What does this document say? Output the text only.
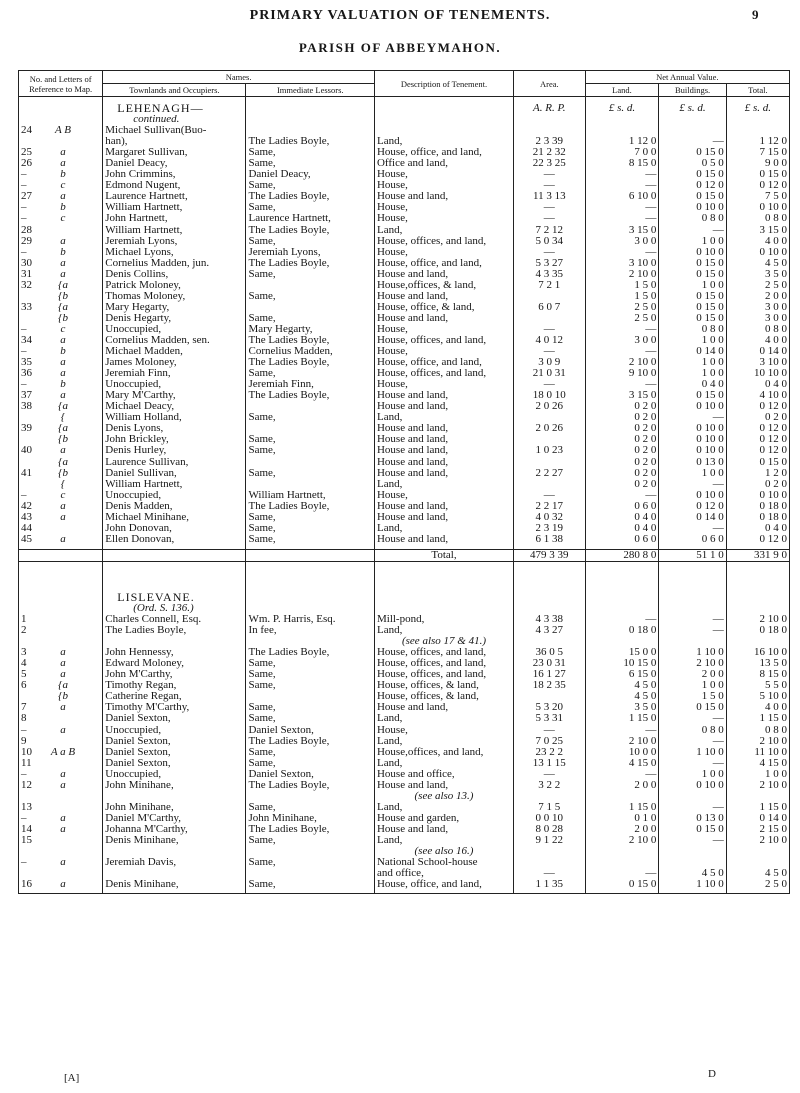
PRIMARY VALUATION OF TENEMENTS.	9
PARISH OF ABBEYMAHON.
No. and Letters of Reference to Map.	Names.		Description of Tenement.	Area.	Net Annual Value.		
	Townlands and Occupiers.	Immediate Lessors.			Land.	Buildings.	Total.

	LEHENAGH—			A. R. P.	£ s. d.	£ s. d.	£ s. d.
	continued.						
24 A B	Michael Sullivan(Buo-						
	han),	The Ladies Boyle,	Land,	2 3 39	1 12 0	—	1 12 0
25 a	Margaret Sullivan,	Same,	House, office, and land,	21 2 32	7 0 0	0 15 0	7 15 0
26 a	Daniel Deacy,	Same,	Office and land,	22 3 25	8 15 0	0 5 0	9 0 0
– b	John Crimmins,	Daniel Deacy,	House,	—	—	0 15 0	0 15 0
– c	Edmond Nugent,	Same,	House,	—	—	0 12 0	0 12 0
27 a	Laurence Hartnett,	The Ladies Boyle,	House and land,	11 3 13	6 10 0	0 15 0	7 5 0
– b	William Hartnett,	Same,	House,	—	—	0 10 0	0 10 0
– c	John Hartnett,	Laurence Hartnett,	House,	—	—	0 8 0	0 8 0
28	William Hartnett,	The Ladies Boyle,	Land,	7 2 12	3 15 0	—	3 15 0
29 a	Jeremiah Lyons,	Same,	House, offices, and land,	5 0 34	3 0 0	1 0 0	4 0 0
– b	Michael Lyons,	Jeremiah Lyons,	House,	—	—	0 10 0	0 10 0
30 a	Cornelius Madden, jun.	The Ladies Boyle,	House, office, and land,	5 3 27	3 10 0	0 15 0	4 5 0
31 a	Denis Collins,	Same,	House and land,	4 3 35	2 10 0	0 15 0	3 5 0
32 {a	Patrick Moloney,		House,offices, & land,	7 2 1	1 5 0	1 0 0	2 5 0
{b	Thomas Moloney,	Same,	House and land,		1 5 0	0 15 0	2 0 0
33 {a	Mary Hegarty,		House, office, & land,	6 0 7	2 5 0	0 15 0	3 0 0
{b	Denis Hegarty,	Same,	House and land,		2 5 0	0 15 0	3 0 0
– c	Unoccupied,	Mary Hegarty,	House,	—	—	0 8 0	0 8 0
34 a	Cornelius Madden, sen.	The Ladies Boyle,	House, offices, and land,	4 0 12	3 0 0	1 0 0	4 0 0
– b	Michael Madden,	Cornelius Madden,	House,	—	—	0 14 0	0 14 0
35 a	James Moloney,	The Ladies Boyle,	House, office, and land,	3 0 9	2 10 0	1 0 0	3 10 0
36 a	Jeremiah Finn,	Same,	House, offices, and land,	21 0 31	9 10 0	1 0 0	10 10 0
– b	Unoccupied,	Jeremiah Finn,	House,	—	—	0 4 0	0 4 0
37 a	Mary M'Carthy,	The Ladies Boyle,	House and land,	18 0 10	3 15 0	0 15 0	4 10 0
38 {a	Michael Deacy,		House and land,	2 0 26	0 2 0	0 10 0	0 12 0
{	William Holland,	Same,	Land,		0 2 0	—	0 2 0
39 {a	Denis Lyons,		House and land,	2 0 26	0 2 0	0 10 0	0 12 0
{b	John Brickley,	Same,	House and land,		0 2 0	0 10 0	0 12 0
40 a	Denis Hurley,	Same,	House and land,	1 0 23	0 2 0	0 10 0	0 12 0
{a	Laurence Sullivan,		House and land,		0 2 0	0 13 0	0 15 0
41 {b	Daniel Sullivan,	Same,	House and land,	2 2 27	0 2 0	1 0 0	1 2 0
{	William Hartnett,		Land,		0 2 0	—	0 2 0
– c	Unoccupied,	William Hartnett,	House,	—	—	0 10 0	0 10 0
42 a	Denis Madden,	The Ladies Boyle,	House and land,	2 2 17	0 6 0	0 12 0	0 18 0
43 a	Michael Minihane,	Same,	House and land,	4 0 32	0 4 0	0 14 0	0 18 0
44	John Donovan,	Same,	Land,	2 3 19	0 4 0	—	0 4 0
45 a	Ellen Donovan,	Same,	House and land,	6 1 38	0 6 0	0 6 0	0 12 0

			Total,	479 3 39	280 8 0	51 1 0	331 9 0

	LISLEVANE.						
	(Ord. S. 136.)						
1	Charles Connell, Esq.	Wm. P. Harris, Esq.	Mill-pond,	4 3 38	—	—	2 10 0
2	The Ladies Boyle,	In fee,	Land,	4 3 27	0 18 0	—	0 18 0
			(see also 17 & 41.)				
3 a	John Hennessy,	The Ladies Boyle,	House, offices, and land,	36 0 5	15 0 0	1 10 0	16 10 0
4 a	Edward Moloney,	Same,	House, offices, and land,	23 0 31	10 15 0	2 10 0	13 5 0
5 a	John M'Carthy,	Same,	House, offices, and land,	16 1 27	6 15 0	2 0 0	8 15 0
6 {a	Timothy Regan,	Same,	House, offices, & land,	18 2 35	4 5 0	1 0 0	5 5 0
{b	Catherine Regan,		House, offices, & land,		4 5 0	1 5 0	5 10 0
7 a	Timothy M'Carthy,	Same,	House and land,	5 3 20	3 5 0	0 15 0	4 0 0
8	Daniel Sexton,	Same,	Land,	5 3 31	1 15 0	—	1 15 0
– a	Unoccupied,	Daniel Sexton,	House,	—	—	0 8 0	0 8 0
9	Daniel Sexton,	The Ladies Boyle,	Land,	7 0 25	2 10 0	—	2 10 0
10 A a B	Daniel Sexton,	Same,	House,offices, and land,	23 2 2	10 0 0	1 10 0	11 10 0
11	Daniel Sexton,	Same,	Land,	13 1 15	4 15 0	—	4 15 0
– a	Unoccupied,	Daniel Sexton,	House and office,	—	—	1 0 0	1 0 0
12 a	John Minihane,	The Ladies Boyle,	House and land,	3 2 2	2 0 0	0 10 0	2 10 0
			(see also 13.)				
13	John Minihane,	Same,	Land,	7 1 5	1 15 0	—	1 15 0
– a	Daniel M'Carthy,	John Minihane,	House and garden,	0 0 10	0 1 0	0 13 0	0 14 0
14 a	Johanna M'Carthy,	The Ladies Boyle,	House and land,	8 0 28	2 0 0	0 15 0	2 15 0
15	Denis Minihane,	Same,	Land,	9 1 22	2 10 0	—	2 10 0
			(see also 16.)				
– a	Jeremiah Davis,	Same,	National School-house				
			and office,	—	—	4 5 0	4 5 0
16 a	Denis Minihane,	Same,	House, office, and land,	1 1 35	0 15 0	1 10 0	2 5 0

[A]	D
